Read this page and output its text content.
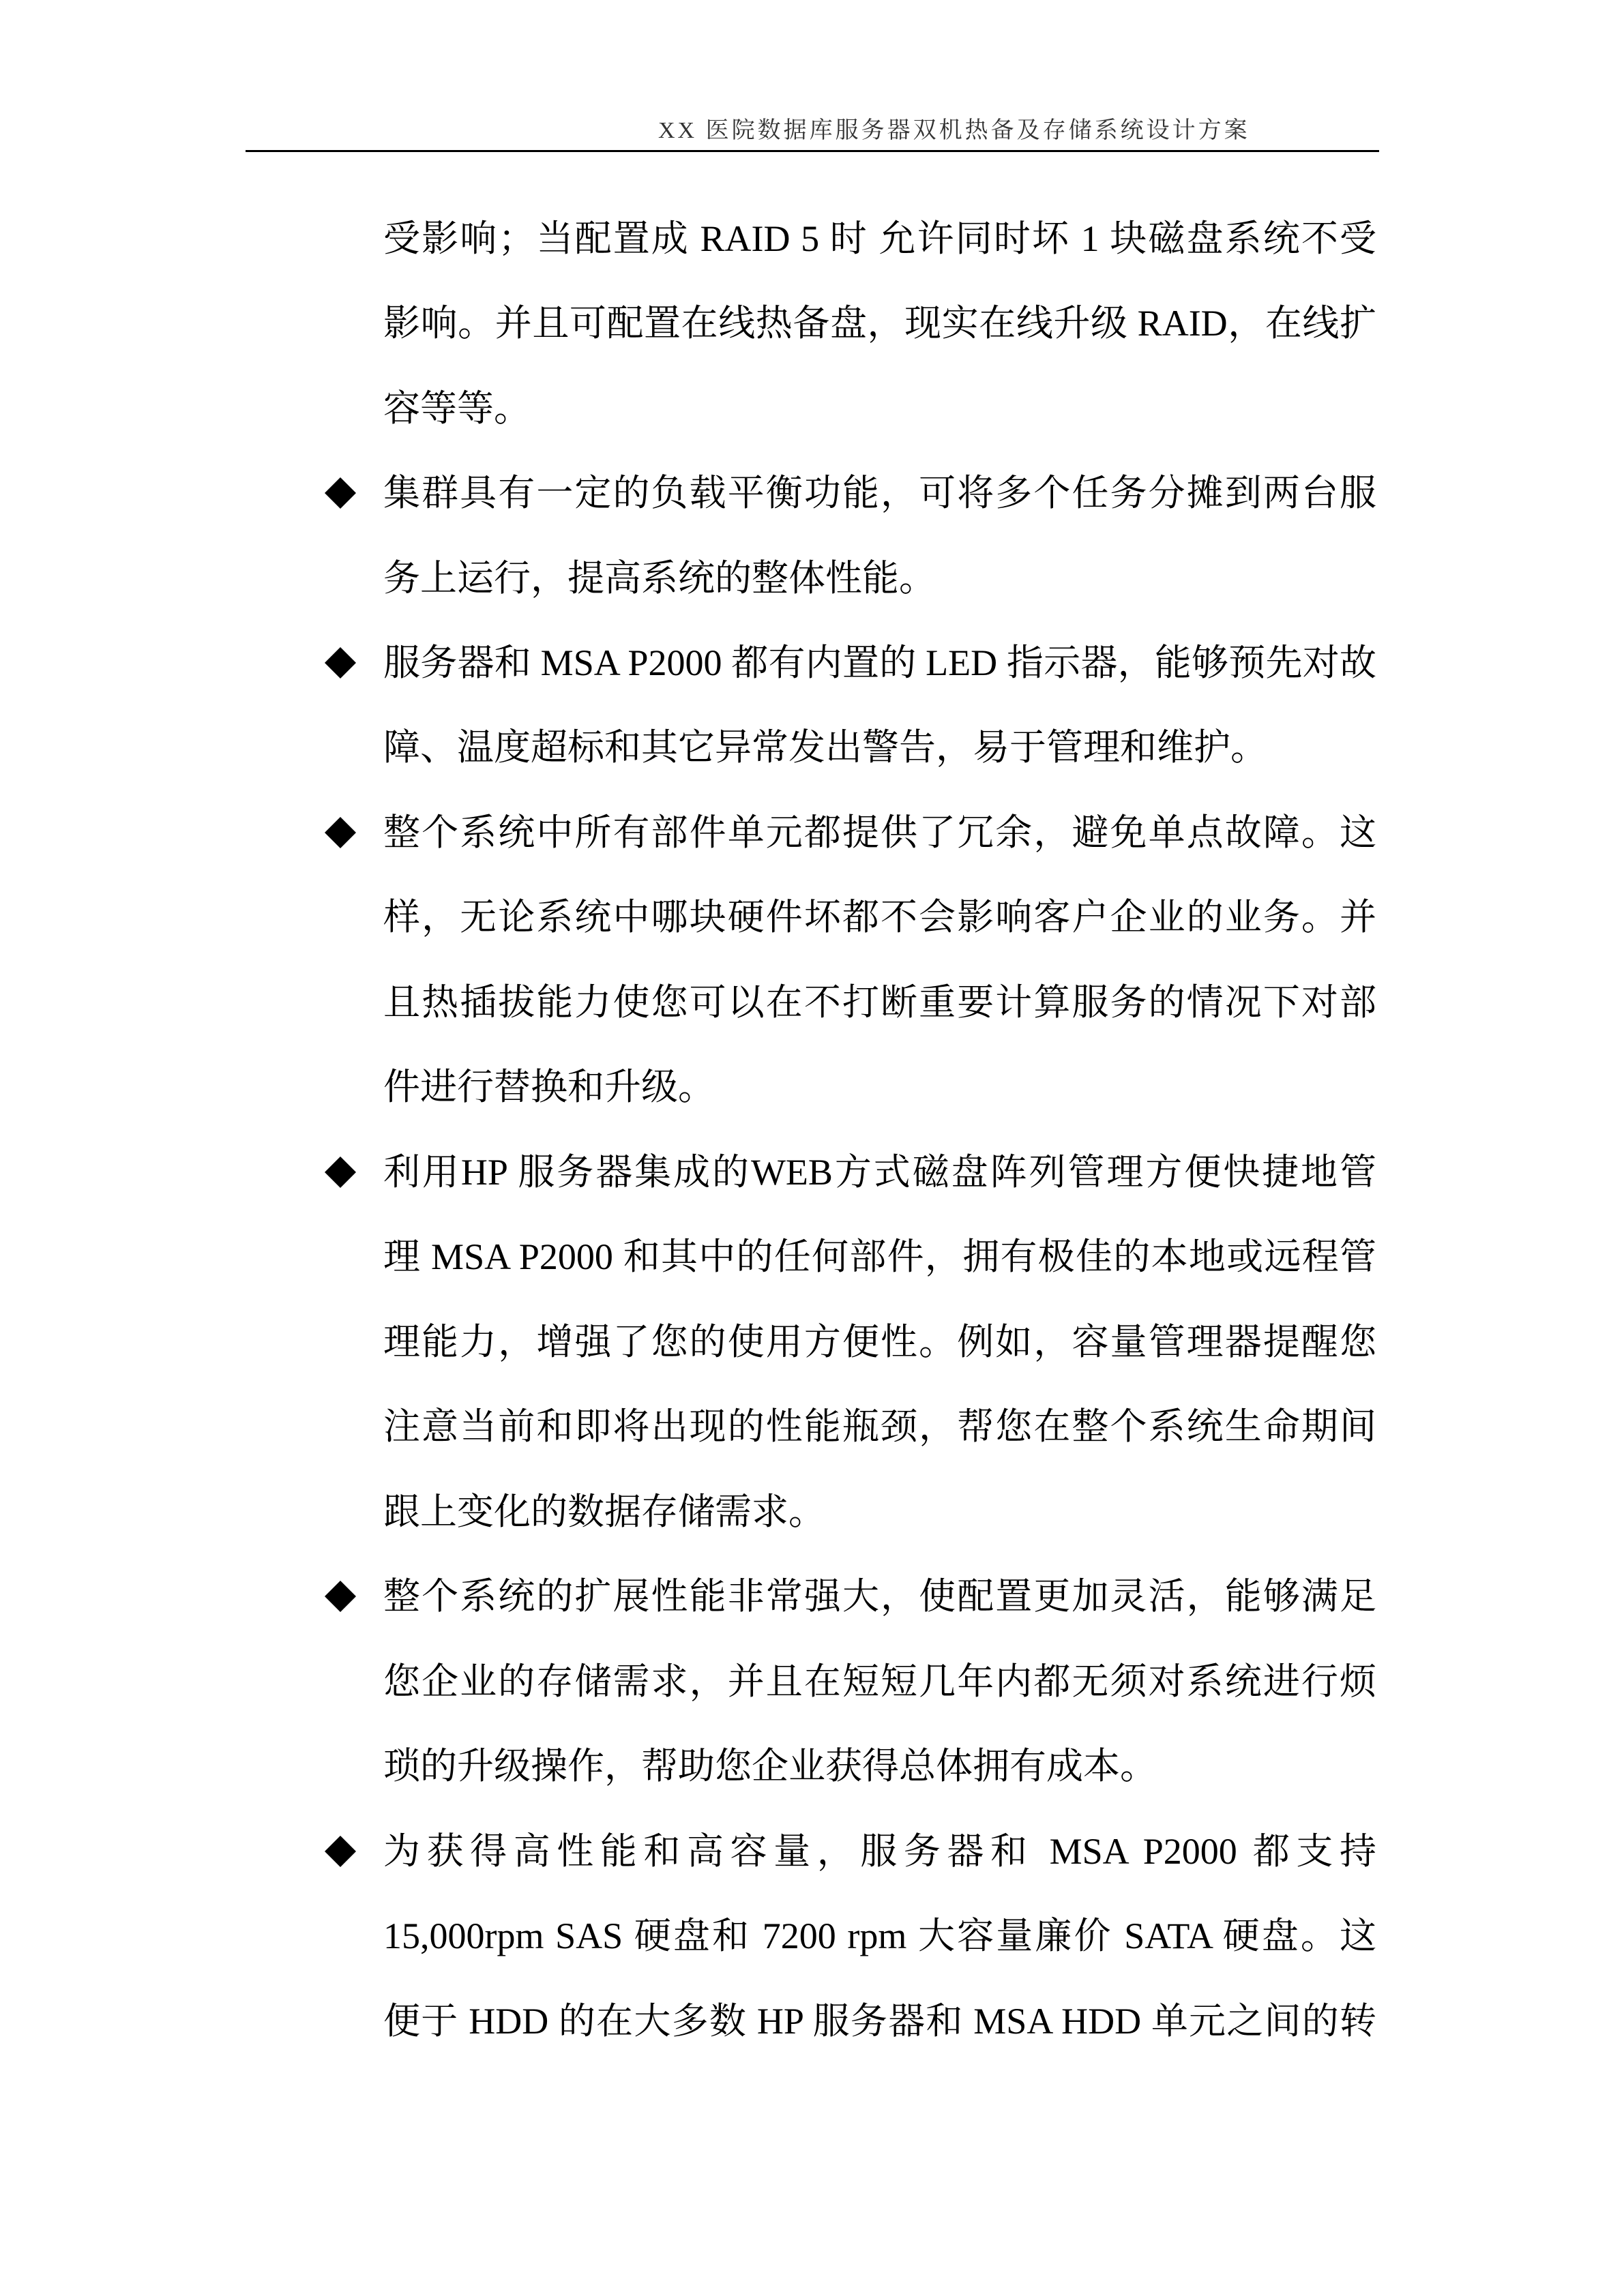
XX 医院数据库服务器双机热备及存储系统设计方案
受影响；当配置成 RAID 5 时 允许同时坏 1 块磁盘系统不受
影响。并且可配置在线热备盘，现实在线升级 RAID，在线扩
容等等。
集群具有一定的负载平衡功能，可将多个任务分摊到两台服
务上运行，提高系统的整体性能。
服务器和 MSA P2000 都有内置的 LED 指示器，能够预先对故
障、温度超标和其它异常发出警告，易于管理和维护。
整个系统中所有部件单元都提供了冗余，避免单点故障。这
样，无论系统中哪块硬件坏都不会影响客户企业的业务。并
且热插拔能力使您可以在不打断重要计算服务的情况下对部
件进行替换和升级。
利用HP 服务器集成的WEB方式磁盘阵列管理方便快捷地管
理 MSA P2000 和其中的任何部件，拥有极佳的本地或远程管
理能力，增强了您的使用方便性。例如，容量管理器提醒您
注意当前和即将出现的性能瓶颈，帮您在整个系统生命期间
跟上变化的数据存储需求。
整个系统的扩展性能非常强大，使配置更加灵活，能够满足
您企业的存储需求，并且在短短几年内都无须对系统进行烦
琐的升级操作，帮助您企业获得总体拥有成本。
为获得高性能和高容量，服务器和 MSA P2000 都支持
15,000rpm SAS 硬盘和 7200 rpm 大容量廉价 SATA 硬盘。这
便于 HDD 的在大多数 HP 服务器和 MSA HDD 单元之间的转
